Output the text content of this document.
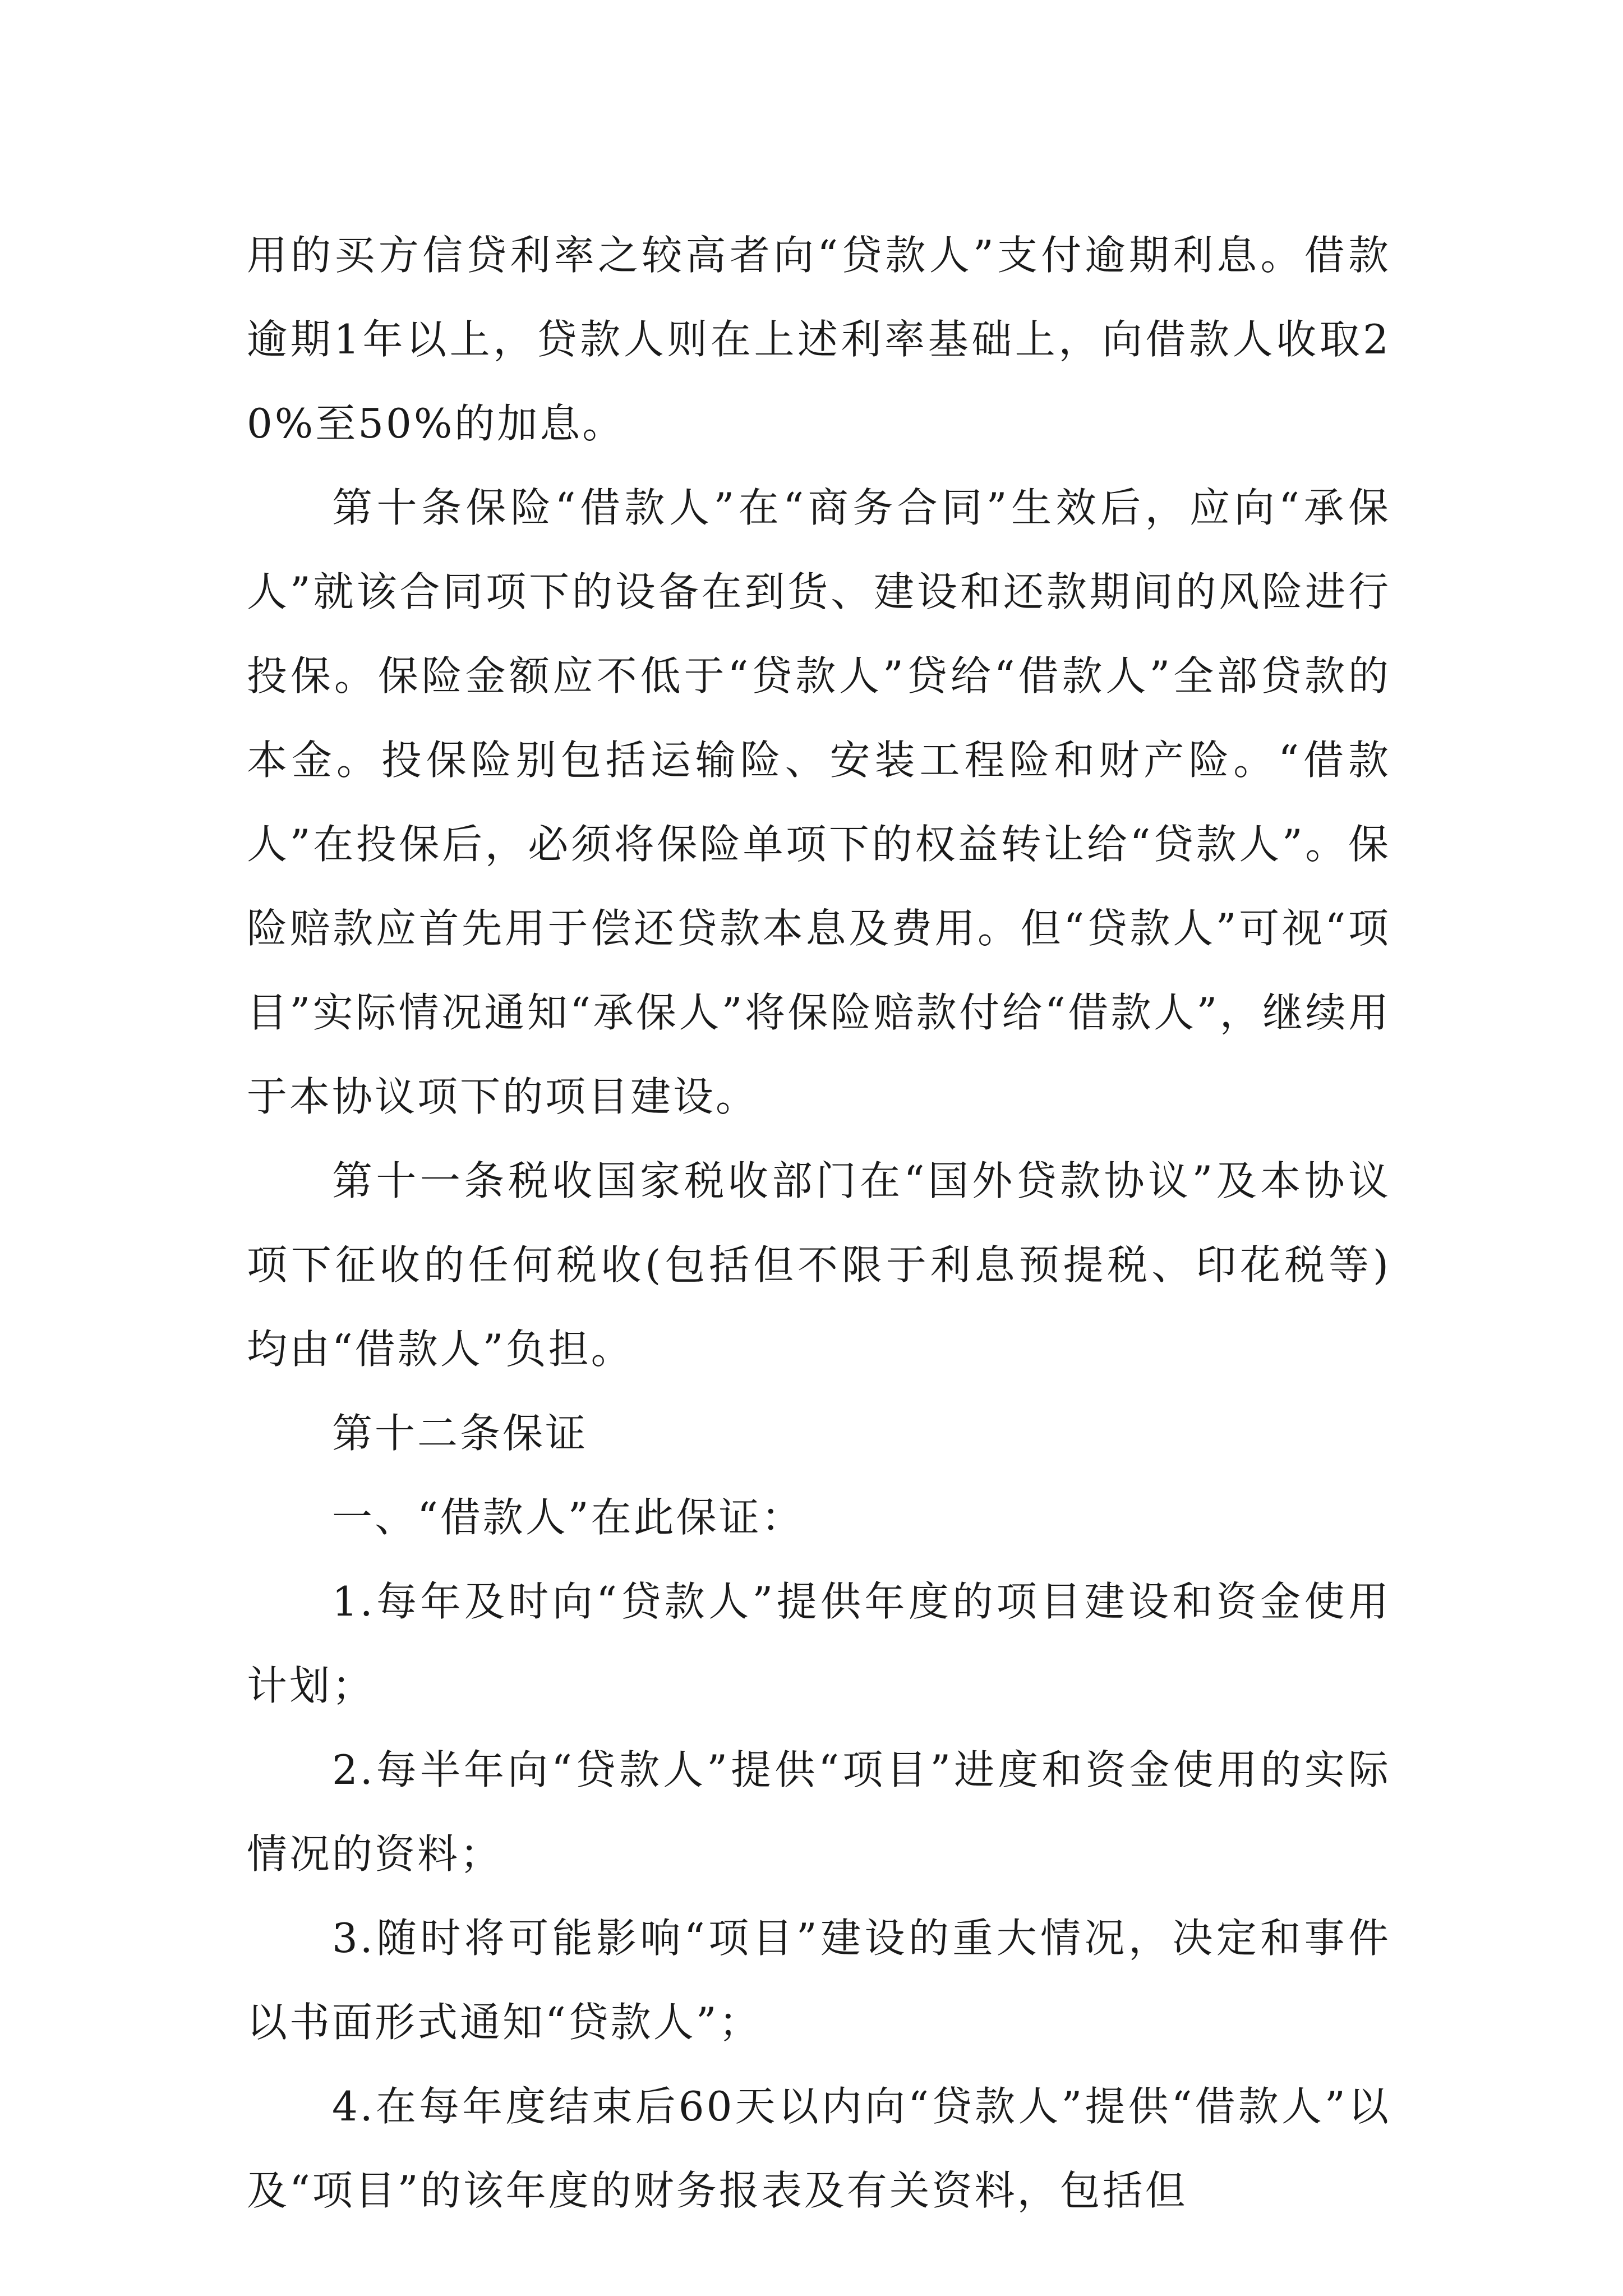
用的买方信贷利率之较高者向“贷款人”支付逾期利息。借款逾期1年以上，贷款人则在上述利率基础上，向借款人收取20%至50%的加息。

第十条保险“借款人”在“商务合同”生效后，应向“承保人”就该合同项下的设备在到货、建设和还款期间的风险进行投保。保险金额应不低于“贷款人”贷给“借款人”全部贷款的本金。投保险别包括运输险、安装工程险和财产险。“借款人”在投保后，必须将保险单项下的权益转让给“贷款人”。保险赔款应首先用于偿还贷款本息及费用。但“贷款人”可视“项目”实际情况通知“承保人”将保险赔款付给“借款人”，继续用于本协议项下的项目建设。

第十一条税收国家税收部门在“国外贷款协议”及本协议项下征收的任何税收(包括但不限于利息预提税、印花税等)均由“借款人”负担。

第十二条保证

一、“借款人”在此保证：

1.每年及时向“贷款人”提供年度的项目建设和资金使用计划；

2.每半年向“贷款人”提供“项目”进度和资金使用的实际情况的资料；

3.随时将可能影响“项目”建设的重大情况，决定和事件以书面形式通知“贷款人”；

4.在每年度结束后60天以内向“贷款人”提供“借款人”以及“项目”的该年度的财务报表及有关资料，包括但
